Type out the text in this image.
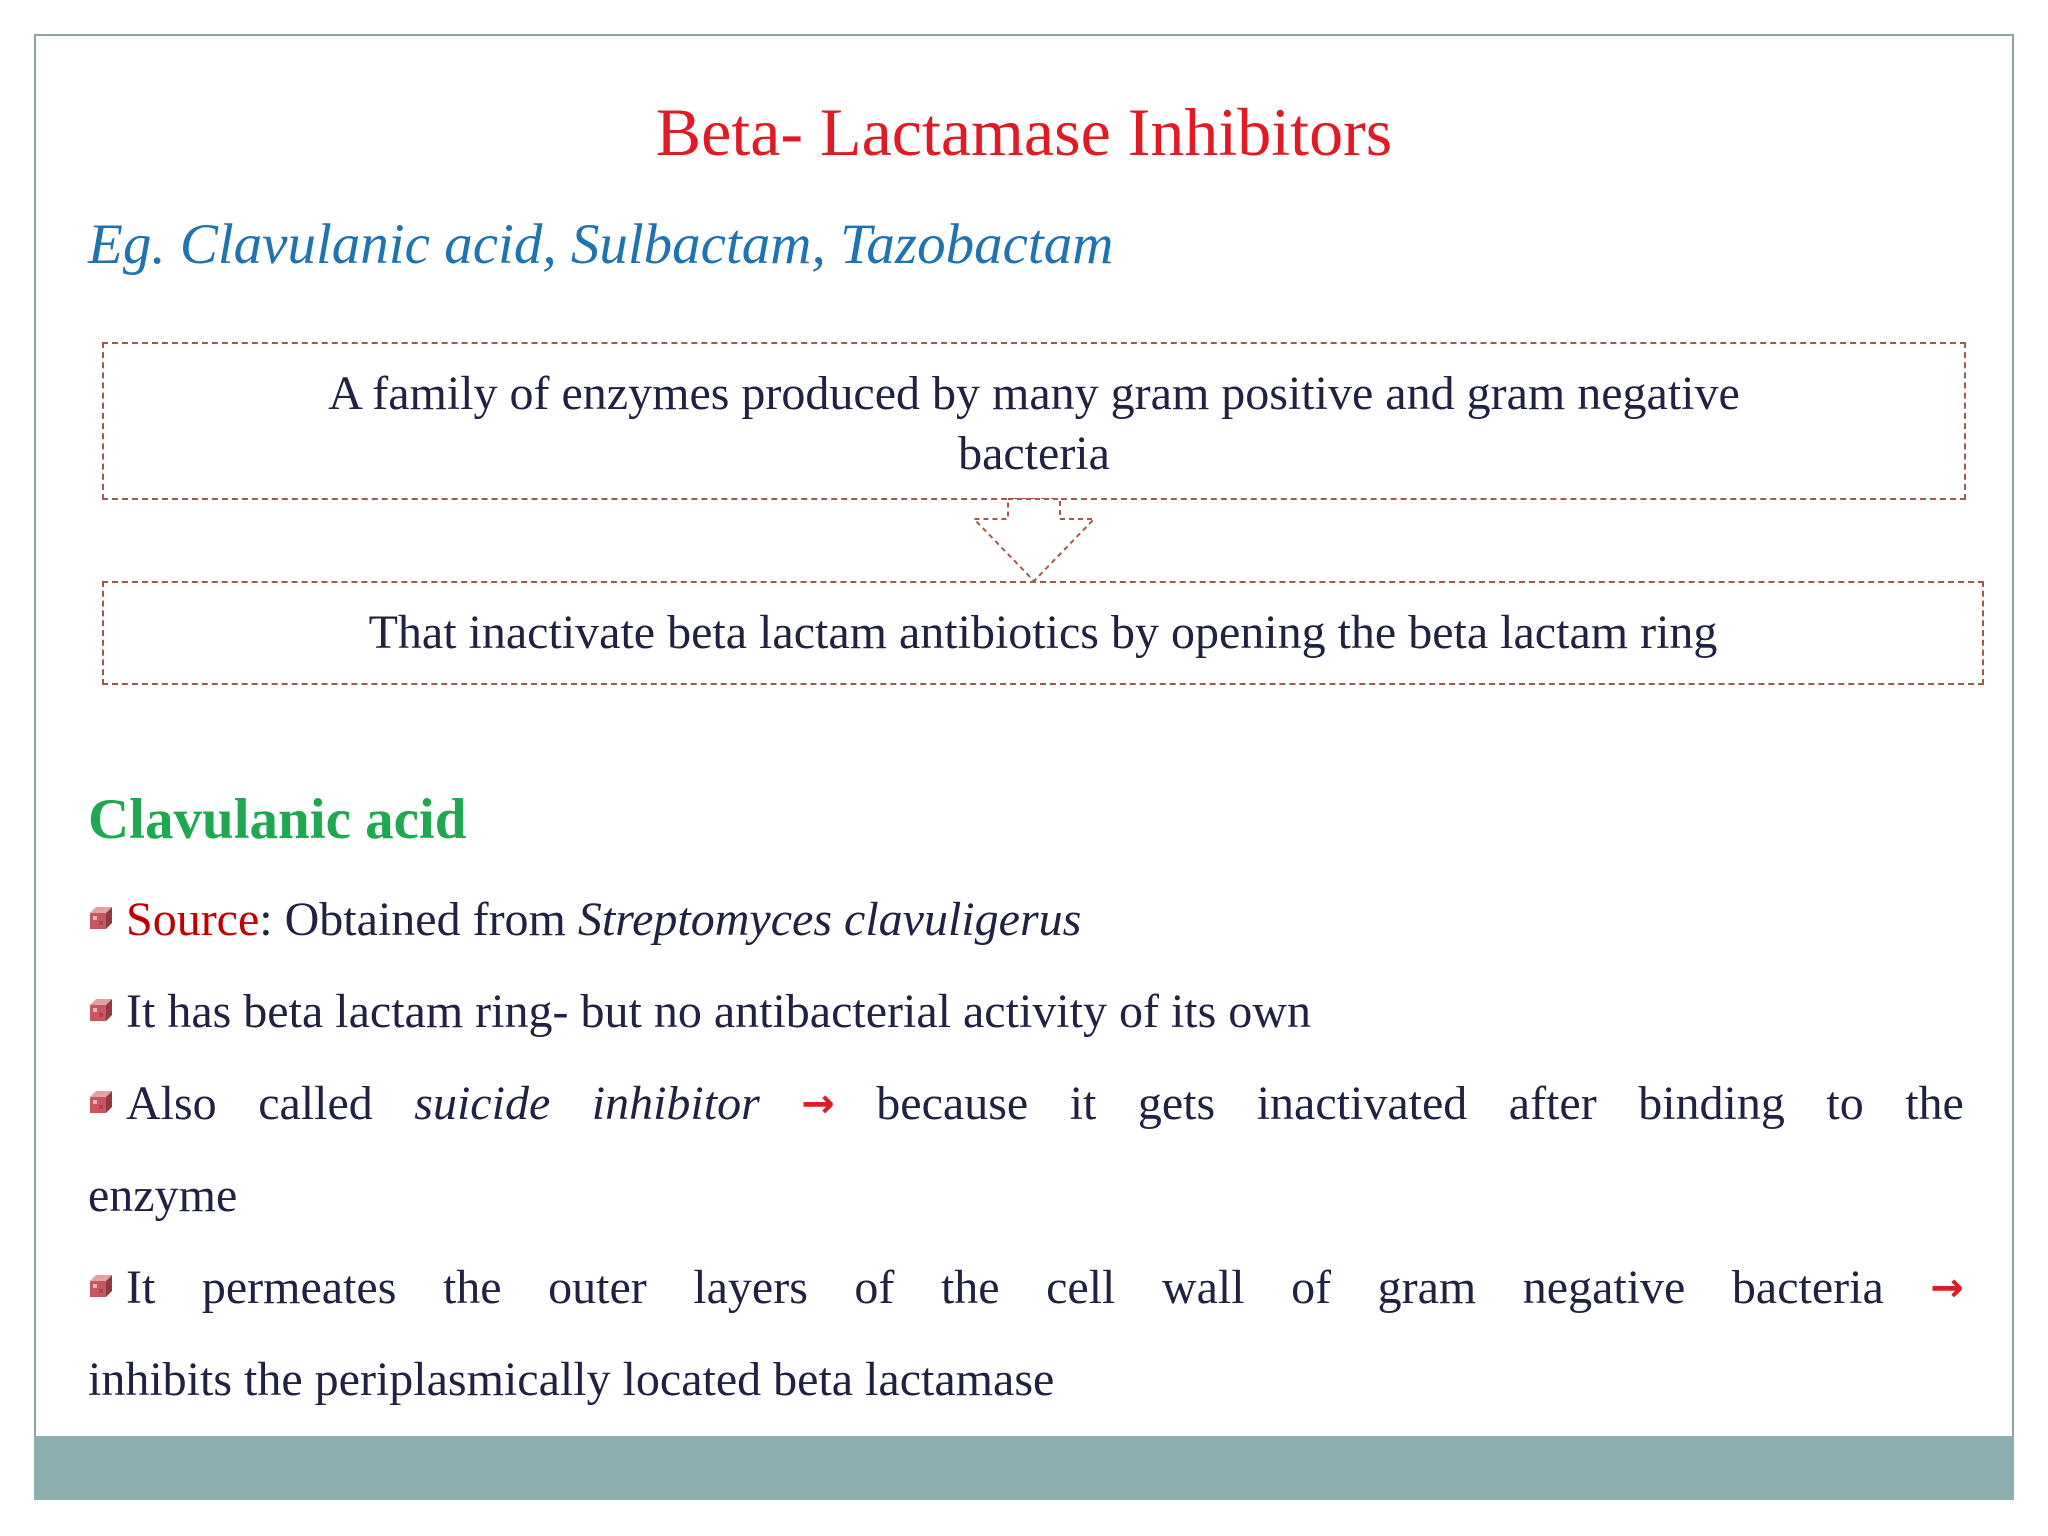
Beta- Lactamase Inhibitors
Eg. Clavulanic acid, Sulbactam, Tazobactam
A family of enzymes produced by many gram positive and gram negative
bacteria
That inactivate beta lactam antibiotics by opening the beta lactam ring
Clavulanic acid
Source: Obtained from Streptomyces clavuligerus
It has beta lactam ring- but no antibacterial activity of its own
Also called suicide inhibitor → because it gets inactivated after binding to the
enzyme
It permeates the outer layers of the cell wall of gram negative bacteria →
inhibits the periplasmically located beta lactamase
